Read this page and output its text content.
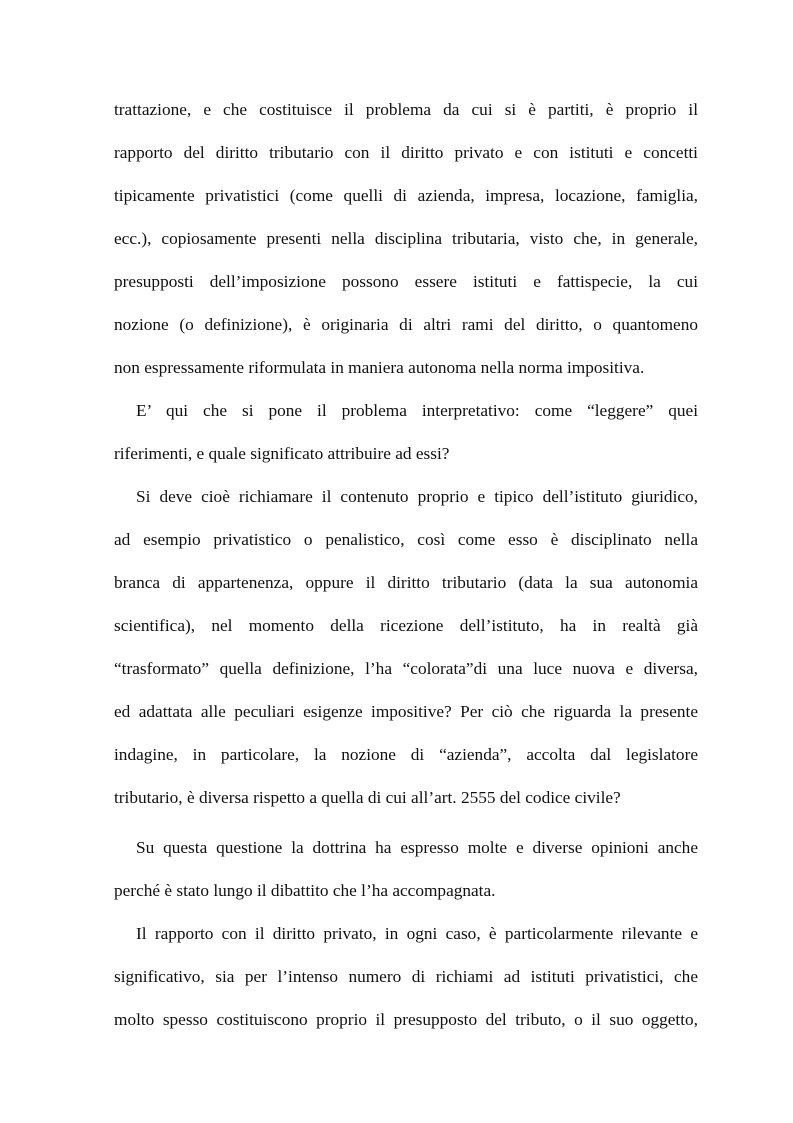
trattazione, e che costituisce il problema da cui si è partiti, è proprio il
rapporto del diritto tributario con il diritto privato e con istituti e concetti
tipicamente privatistici (come quelli di azienda, impresa, locazione, famiglia,
ecc.), copiosamente presenti nella disciplina tributaria, visto che, in generale,
presupposti dell’imposizione possono essere istituti e fattispecie, la cui
nozione (o definizione), è originaria di altri rami del diritto, o quantomeno
non espressamente riformulata in maniera autonoma nella norma impositiva.
E’ qui che si pone il problema interpretativo: come “leggere” quei
riferimenti, e quale significato attribuire ad essi?
Si deve cioè richiamare il contenuto proprio e tipico dell’istituto giuridico,
ad esempio privatistico o penalistico, così come esso è disciplinato nella
branca di appartenenza, oppure il diritto tributario (data la sua autonomia
scientifica), nel momento della ricezione dell’istituto, ha in realtà già
“trasformato” quella definizione, l’ha “colorata”di una luce nuova e diversa,
ed adattata alle peculiari esigenze impositive? Per ciò che riguarda la presente
indagine, in particolare, la nozione di “azienda”, accolta dal legislatore
tributario, è diversa rispetto a quella di cui all’art. 2555 del codice civile?
Su questa questione la dottrina ha espresso molte e diverse opinioni anche
perché è stato lungo il dibattito che l’ha accompagnata.
Il rapporto con il diritto privato, in ogni caso, è particolarmente rilevante e
significativo, sia per l’intenso numero di richiami ad istituti privatistici, che
molto spesso costituiscono proprio il presupposto del tributo, o il suo oggetto,
